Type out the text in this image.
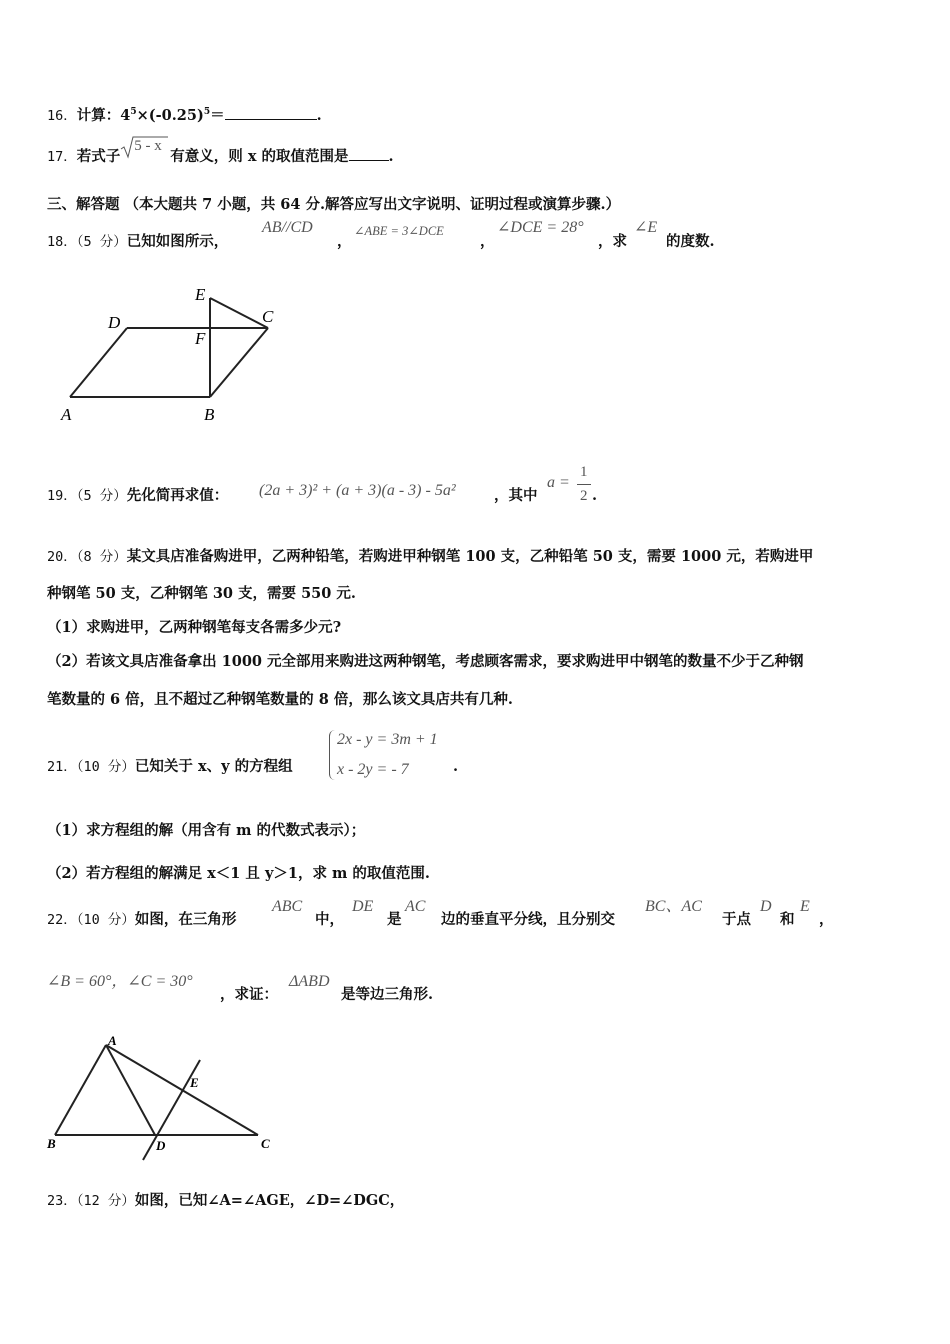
16．计算：$4^5\times(-0.25)^5=$	.
17．若式子
5 - x
有意义，则 x 的取值范围是	.
三、解答题 （本大题共 7 小题，共 64 分.解答应写出文字说明、证明过程或演算步骤.）
18．（5 分）已知如图所示，
AB//CD
，
∠ABE = 3∠DCE
，
∠DCE = 28°
，求
∠E
的度数.
E
D
F
C
A	B
19．（5 分）先化简再求值： (2a + 3)² + (a + 3)(a - 3) - 5a²	，其中
a =
1
2 .
20．（8 分）某文具店准备购进甲，乙两种铅笔，若购进甲种钢笔 100 支，乙种铅笔 50 支，需要 1000 元，若购进甲
种钢笔 50 支，乙种钢笔 30 支，需要 550 元.
（1）求购进甲，乙两种钢笔每支各需多少元?
（2）若该文具店准备拿出 1000 元全部用来购进这两种钢笔，考虑顾客需求，要求购进甲中钢笔的数量不少于乙种钢
笔数量的 6 倍，且不超过乙种钢笔数量的 8 倍，那么该文具店共有几种.
21．（10 分）已知关于 x、y 的方程组
2x - y = 3m + 1
x - 2y = - 7	.
（1）求方程组的解（用含有 m 的代数式表示）；
（2）若方程组的解满足 x＜1 且 y＞1，求 m 的取值范围.
22．（10 分）如图，在三角形
ABC
中，
DE
是
AC
边的垂直平分线，且分别交
BC、AC
于点
D
和
E
，
∠B = 60°，∠C = 30°
，求证：
ΔABD
是等边三角形.
A
E
B	D	C
23．（12 分）如图，已知∠A=∠AGE，∠D=∠DGC，
